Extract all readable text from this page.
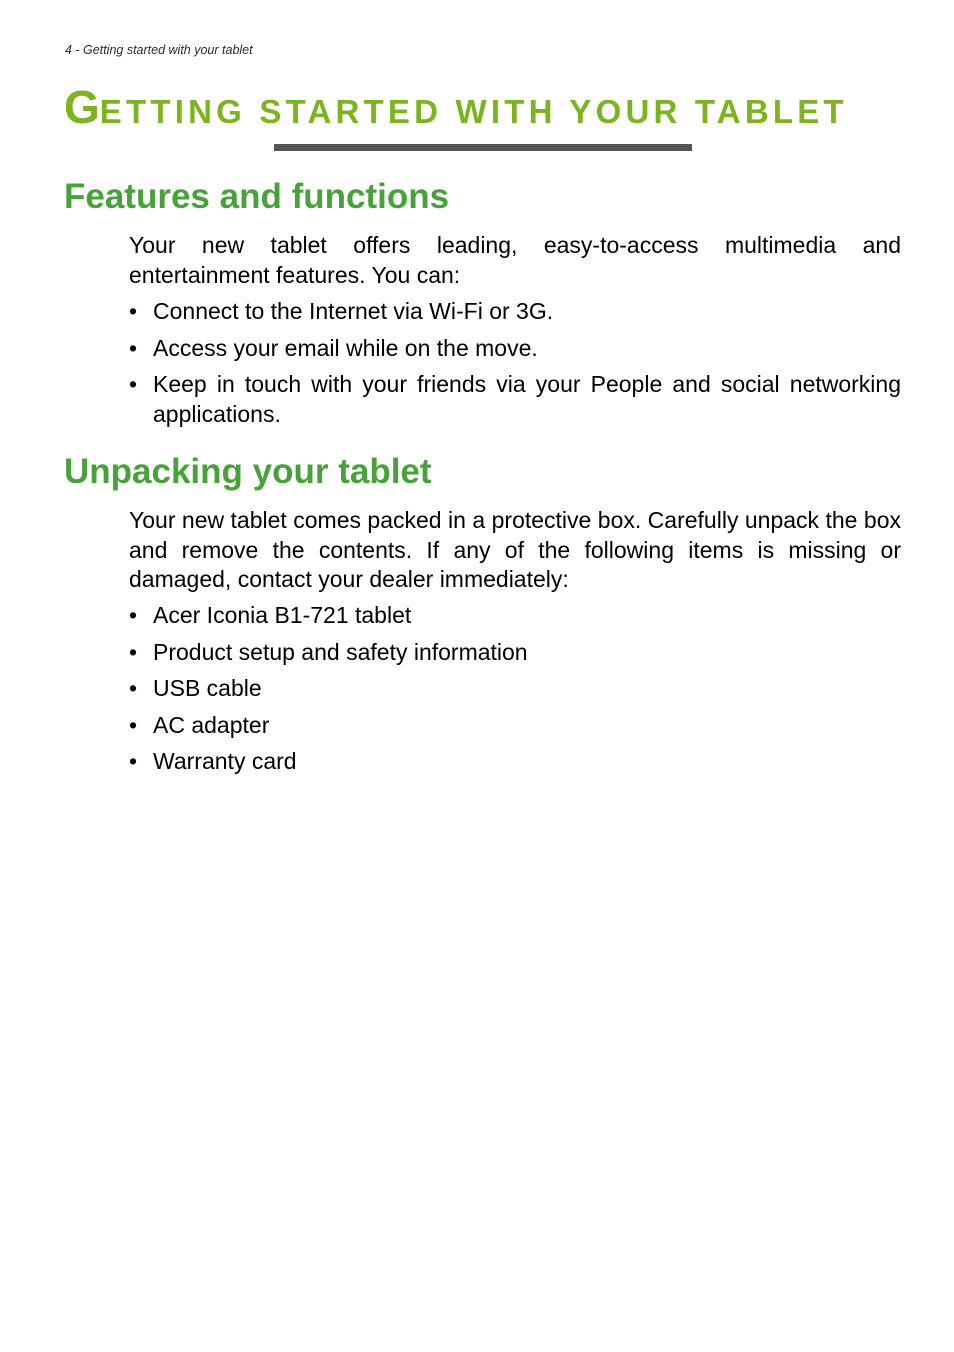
4 - Getting started with your tablet
GETTING STARTED WITH YOUR TABLET
Features and functions

Your new tablet offers leading, easy-to-access multimedia and entertainment features. You can:

• Connect to the Internet via Wi-Fi or 3G.
• Access your email while on the move.
• Keep in touch with your friends via your People and social networking applications.
Unpacking your tablet

Your new tablet comes packed in a protective box. Carefully unpack the box and remove the contents. If any of the following items is missing or damaged, contact your dealer immediately:

• Acer Iconia B1-721 tablet
• Product setup and safety information
• USB cable
• AC adapter
• Warranty card
